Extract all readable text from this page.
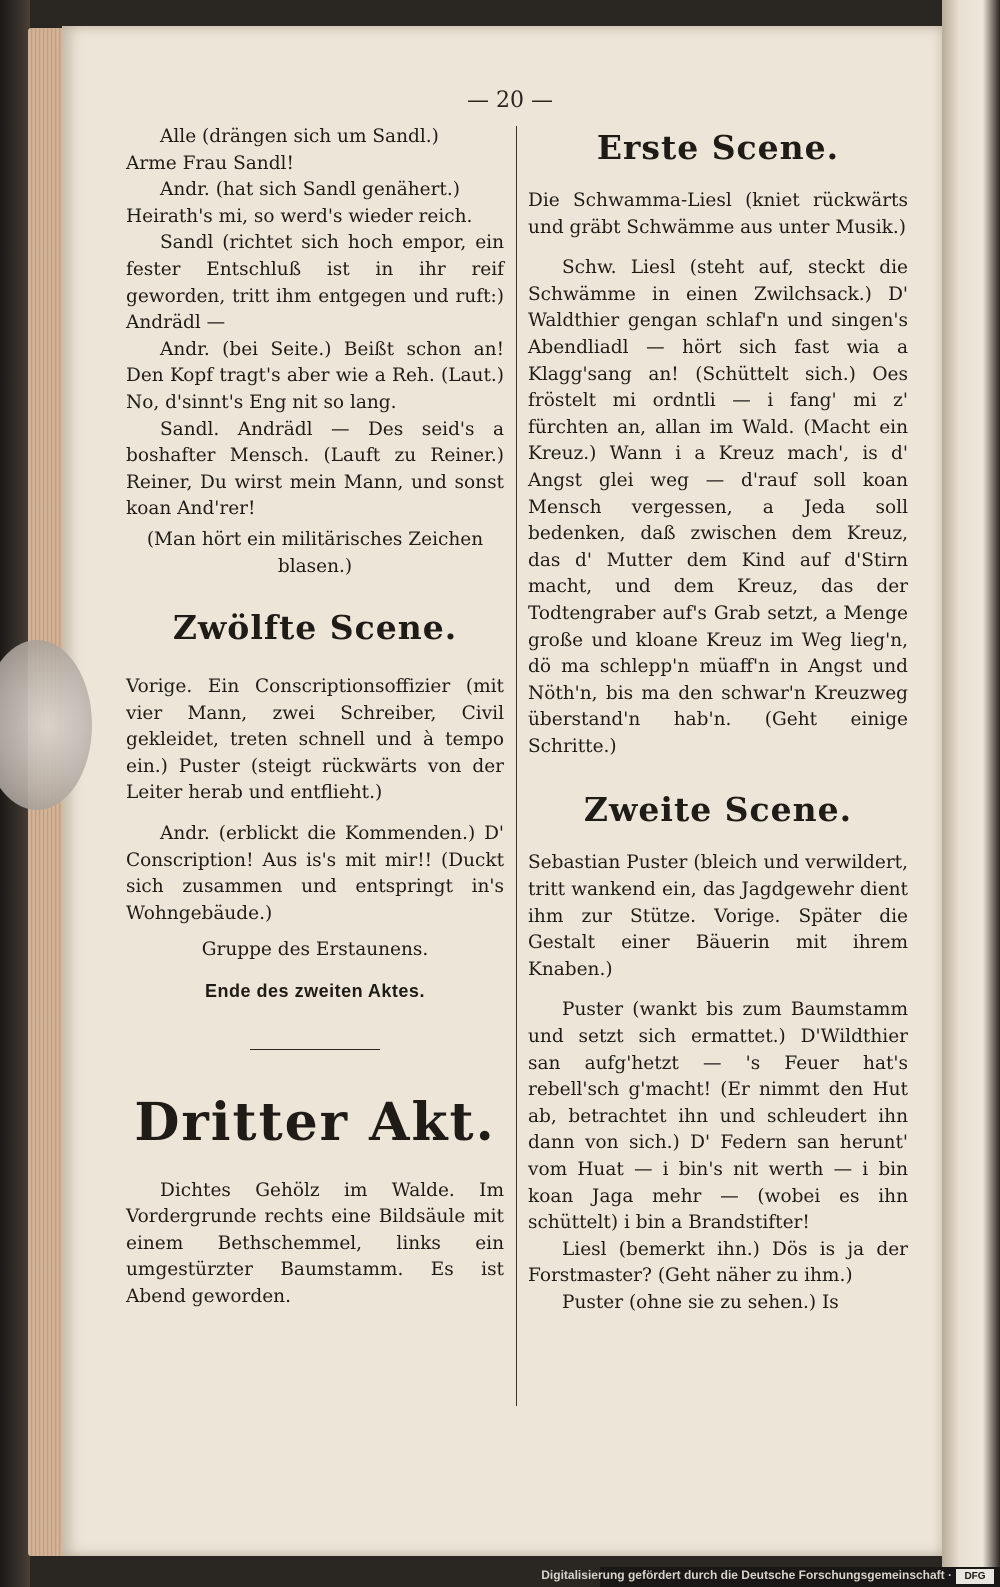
— 20 —

Alle (drängen sich um Sandl.)

Arme Frau Sandl!

Andr. (hat sich Sandl genähert.)

Heirath's mi, so werd's wieder reich.

Sandl (richtet sich hoch empor, ein fester Entschluß ist in ihr reif geworden, tritt ihm entgegen und ruft:) Andrädl —

Andr. (bei Seite.) Beißt schon an! Den Kopf tragt's aber wie a Reh. (Laut.) No, d'sinnt's Eng nit so lang.

Sandl. Andrädl — Des seid's a boshafter Mensch. (Lauft zu Reiner.) Reiner, Du wirst mein Mann, und sonst koan And'rer!

(Man hört ein militärisches Zeichen blasen.)

Zwölfte Scene.

Vorige. Ein Conscriptionsoffizier (mit vier Mann, zwei Schreiber, Civil gekleidet, treten schnell und à tempo ein.) Puster (steigt rückwärts von der Leiter herab und entflieht.)

Andr. (erblickt die Kommenden.) D' Conscription! Aus is's mit mir!! (Duckt sich zusammen und entspringt in's Wohngebäude.)

Gruppe des Erstaunens.

Ende des zweiten Aktes.

Dritter Akt.

Dichtes Gehölz im Walde. Im Vordergrunde rechts eine Bildsäule mit einem Bethschemmel, links ein umgestürzter Baumstamm. Es ist Abend geworden.

Erste Scene.

Die Schwamma-Liesl (kniet rückwärts und gräbt Schwämme aus unter Musik.)

Schw. Liesl (steht auf, steckt die Schwämme in einen Zwilchsack.) D' Waldthier gengan schlaf'n und singen's Abendliadl — hört sich fast wia a Klagg'sang an! (Schüttelt sich.) Oes fröstelt mi ordntli — i fang' mi z' fürchten an, allan im Wald. (Macht ein Kreuz.) Wann i a Kreuz mach', is d' Angst glei weg — d'rauf soll koan Mensch vergessen, a Jeda soll bedenken, daß zwischen dem Kreuz, das d' Mutter dem Kind auf d'Stirn macht, und dem Kreuz, das der Todtengraber auf's Grab setzt, a Menge große und kloane Kreuz im Weg lieg'n, dö ma schlepp'n müaff'n in Angst und Nöth'n, bis ma den schwar'n Kreuzweg überstand'n hab'n. (Geht einige Schritte.)

Zweite Scene.

Sebastian Puster (bleich und verwildert, tritt wankend ein, das Jagdgewehr dient ihm zur Stütze. Vorige. Später die Gestalt einer Bäuerin mit ihrem Knaben.)

Puster (wankt bis zum Baumstamm und setzt sich ermattet.) D'Wildthier san aufg'hetzt — 's Feuer hat's rebell'sch g'macht! (Er nimmt den Hut ab, betrachtet ihn und schleudert ihn dann von sich.) D' Federn san herunt' vom Huat — i bin's nit werth — i bin koan Jaga mehr — (wobei es ihn schüttelt) i bin a Brandstifter!

Liesl (bemerkt ihn.) Dös is ja der Forstmaster? (Geht näher zu ihm.)

Puster (ohne sie zu sehen.) Is

Digitalisierung gefördert durch die Deutsche Forschungsgemeinschaft ·	DFG
